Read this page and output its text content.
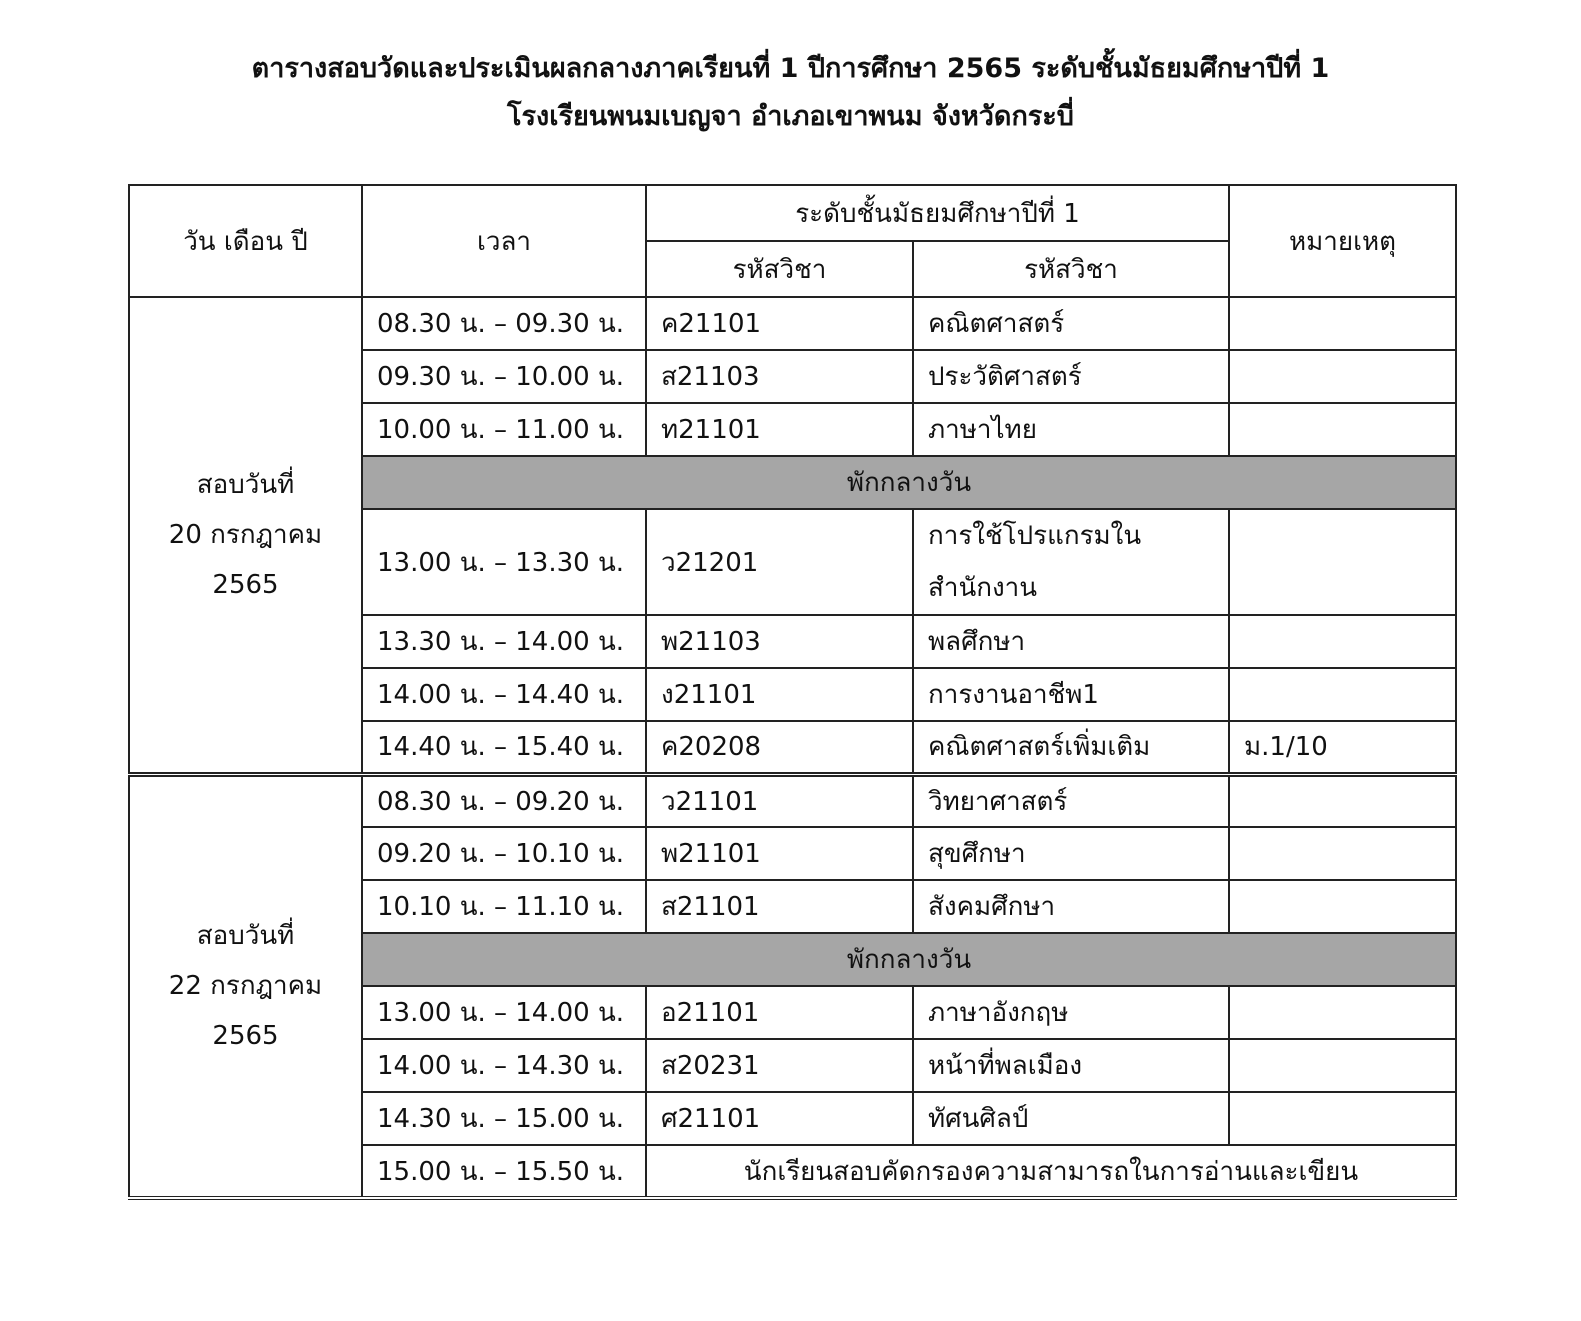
ตารางสอบวัดและประเมินผลกลางภาคเรียนที่ 1 ปีการศึกษา 2565 ระดับชั้นมัธยมศึกษาปีที่ 1
โรงเรียนพนมเบญจา อำเภอเขาพนม จังหวัดกระบี่
วัน เดือน ปี	เวลา	ระดับชั้นมัธยมศึกษาปีที่ 1		หมายเหตุ
		รหัสวิชา	รหัสวิชา	
สอบวันที่
20 กรกฎาคม
2565	08.30 น. – 09.30 น.	ค21101	คณิตศาสตร์	
	09.30 น. – 10.00 น.	ส21103	ประวัติศาสตร์	
	10.00 น. – 11.00 น.	ท21101	ภาษาไทย	
	พักกลางวัน			
	13.00 น. – 13.30 น.	ว21201	การใช้โปรแกรมใน
สำนักงาน	
	13.30 น. – 14.00 น.	พ21103	พลศึกษา	
	14.00 น. – 14.40 น.	ง21101	การงานอาชีพ1	
	14.40 น. – 15.40 น.	ค20208	คณิตศาสตร์เพิ่มเติม	ม.1/10
สอบวันที่
22 กรกฎาคม
2565	08.30 น. – 09.20 น.	ว21101	วิทยาศาสตร์	
	09.20 น. – 10.10 น.	พ21101	สุขศึกษา	
	10.10 น. – 11.10 น.	ส21101	สังคมศึกษา	
	พักกลางวัน			
	13.00 น. – 14.00 น.	อ21101	ภาษาอังกฤษ	
	14.00 น. – 14.30 น.	ส20231	หน้าที่พลเมือง	
	14.30 น. – 15.00 น.	ศ21101	ทัศนศิลป์	
	15.00 น. – 15.50 น.	นักเรียนสอบคัดกรองความสามารถในการอ่านและเขียน		
